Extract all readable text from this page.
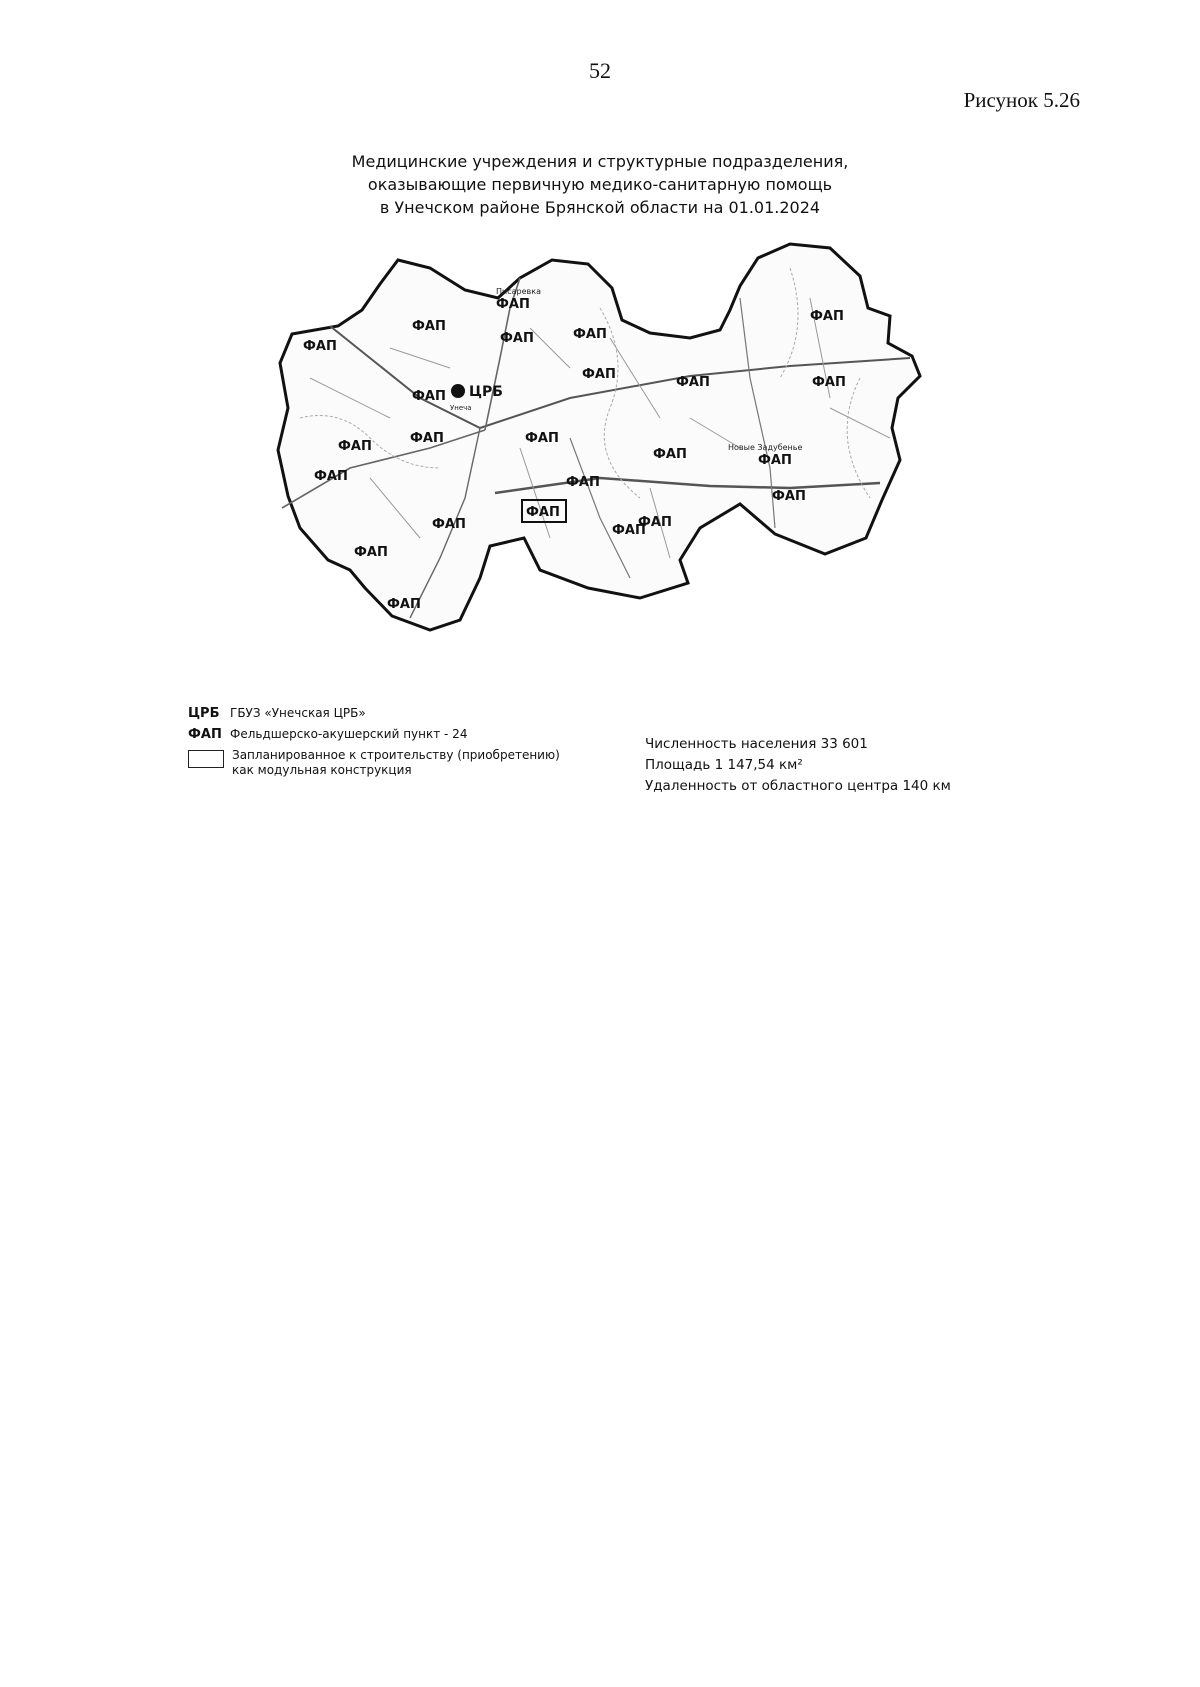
52
Рисунок 5.26
Медицинские учреждения и структурные подразделения,
оказывающие первичную медико-санитарную помощь
в Унечском районе Брянской области на 01.01.2024
ЦРБ
Писаревка
Унеча
Новые Задубенье
ФАП
ФАП
ФАП
ФАП	ФАП
ФАП
ФАП
ФАП	ФАП
ФАП
ФАП	ФАП
ФАП
ФАП	ФАП
ФАП	ФАП
ФАП
ФАП
ФАП	ФАП
ФАП
ФАП
ФАП
ЦРБ ГБУЗ «Унечская ЦРБ»
ФАП Фельдшерско-акушерский пункт - 24
Запланированное к строительству (приобретению)
как модульная конструкция
Численность населения 33 601
Площадь 1 147,54 км²
Удаленность от областного центра 140 км
